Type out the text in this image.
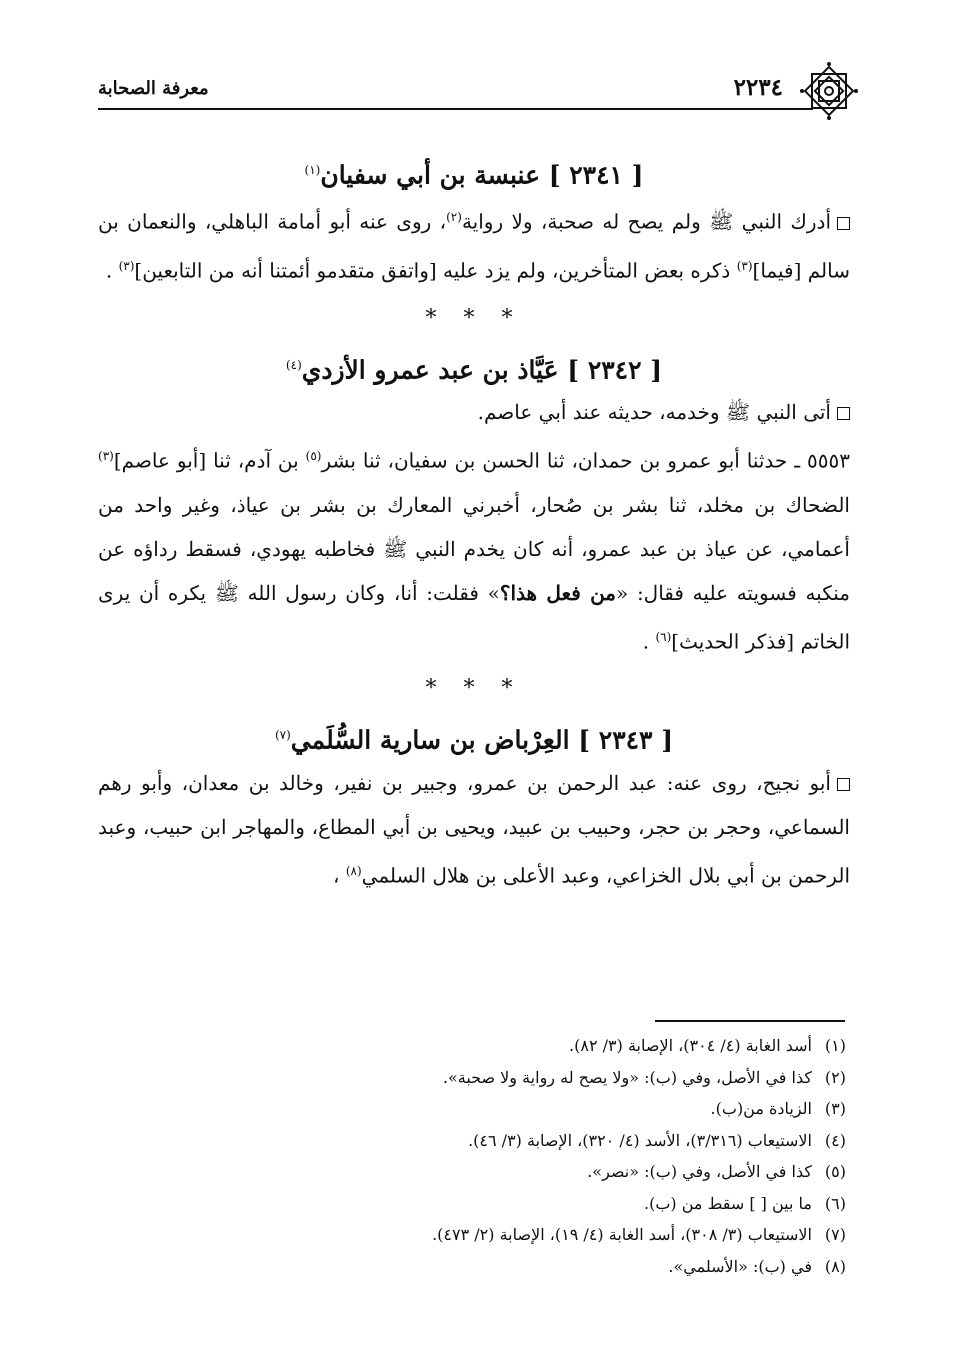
٢٢٣٤
معرفة الصحابة
[ ٢٣٤١ ] عنبسة بن أبي سفيان$^{(١)}$

أدرك النبي ﷺ ولم يصح له صحبة، ولا رواية$^{(٢)}$، روى عنه أبو أمامة الباهلي، والنعمان بن سالم [فيما]$^{(٣)}$ ذكره بعض المتأخرين، ولم يزد عليه [واتفق متقدمو أئمتنا أنه من التابعين]$^{(٣)}$ .

* * *
[ ٢٣٤٢ ] عَيَّاذ بن عبد عمرو الأزدي$^{(٤)}$

أتى النبي ﷺ وخدمه، حديثه عند أبي عاصم.

٥٥٥٣ ـ حدثنا أبو عمرو بن حمدان، ثنا الحسن بن سفيان، ثنا بشر$^{(٥)}$ بن آدم، ثنا [أبو عاصم]$^{(٣)}$ الضحاك بن مخلد، ثنا بشر بن صُحار، أخبرني المعارك بن بشر بن عياذ، وغير واحد من أعمامي، عن عياذ بن عبد عمرو، أنه كان يخدم النبي ﷺ فخاطبه يهودي، فسقط رداؤه عن منكبه فسويته عليه فقال: «من فعل هذا؟» فقلت: أنا، وكان رسول الله ﷺ يكره أن يرى الخاتم [فذكر الحديث]$^{(٦)}$ .

* * *
[ ٢٣٤٣ ] العِرْباض بن سارية السُّلَمي$^{(٧)}$

أبو نجيح، روى عنه: عبد الرحمن بن عمرو، وجبير بن نفير، وخالد بن معدان، وأبو رهم السماعي، وحجر بن حجر، وحبيب بن عبيد، ويحيى بن أبي المطاع، والمهاجر ابن حبيب، وعبد الرحمن بن أبي بلال الخزاعي، وعبد الأعلى بن هلال السلمي$^{(٨)}$ ،

(١)
أسد الغابة (٤/ ٣٠٤)، الإصابة (٣/ ٨٢).
(٢)
كذا في الأصل، وفي (ب): «ولا يصح له رواية ولا صحبة».
(٣)
الزيادة من(ب).
(٤)
الاستيعاب (٣/٣١٦)، الأسد (٤/ ٣٢٠)، الإصابة (٣/ ٤٦).
(٥)
كذا في الأصل، وفي (ب): «نصر».
(٦)
ما بين [ ] سقط من (ب).
(٧)
الاستيعاب (٣/ ٣٠٨)، أسد الغابة (٤/ ١٩)، الإصابة (٢/ ٤٧٣).
(٨)
في (ب): «الأسلمي».
